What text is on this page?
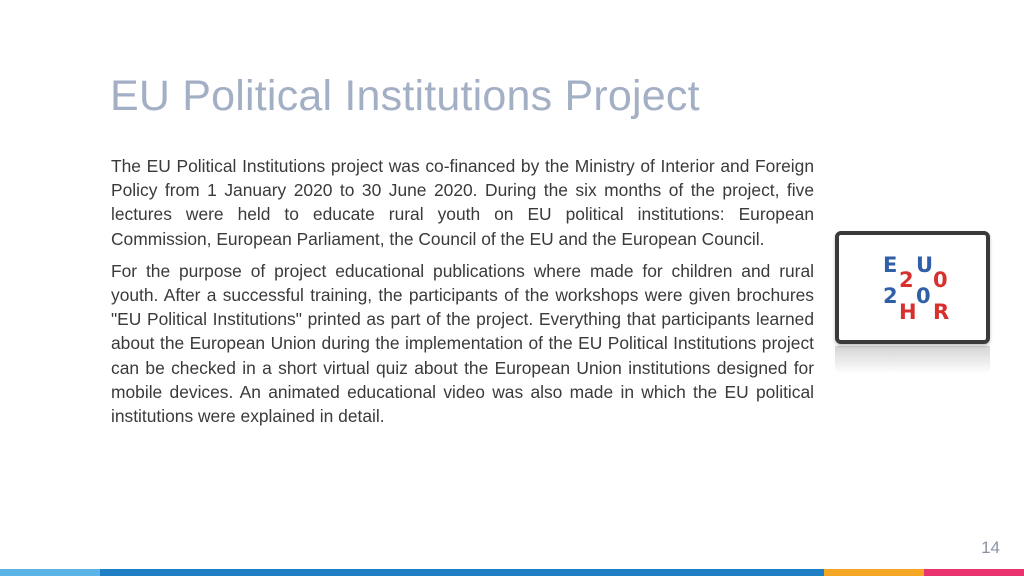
EU Political Institutions Project

The EU Political Institutions project was co-financed by the Ministry of Interior and Foreign Policy from 1 January 2020 to 30 June 2020. During the six months of the project, five lectures were held to educate rural youth on EU political institutions: European Commission, European Parliament, the Council of the EU and the European Council.

For the purpose of project educational publications where made for children and rural youth. After a successful training, the participants of the workshops were given brochures "EU Political Institutions" printed as part of the project. Everything that participants learned about the European Union during the implementation of the EU Political Institutions project can be checked in a short virtual quiz about the European Union institutions designed for mobile devices. An animated educational video was also made in which the EU political institutions were explained in detail.

E U
2 0
2 0
H R
14
